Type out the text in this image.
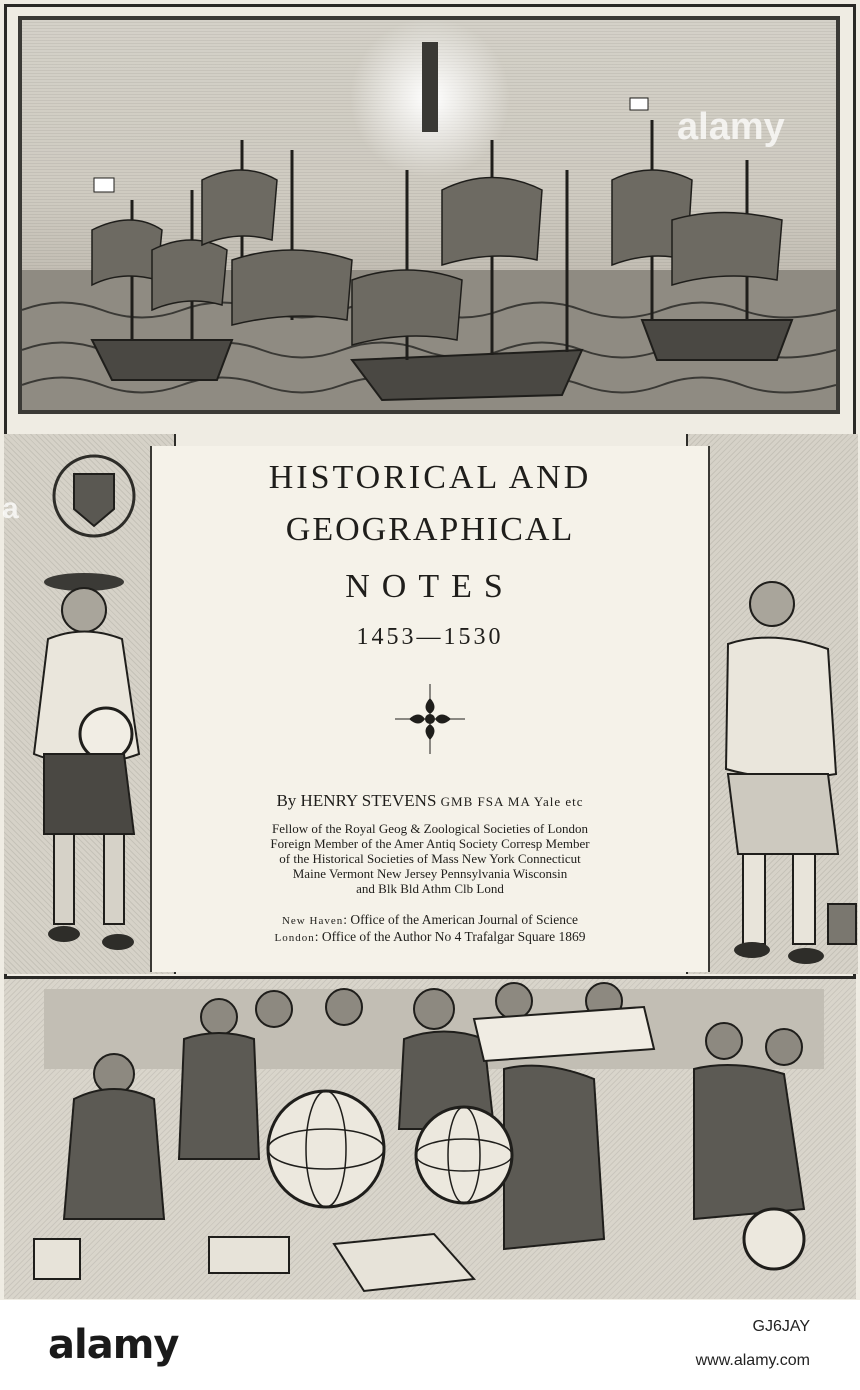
alamy
a
HISTORICAL AND
GEOGRAPHICAL
NOTES
1453—1530
By HENRY STEVENS GMB FSA MA Yale etc
Fellow of the Royal Geog & Zoological Societies of London
Foreign Member of the Amer Antiq Society Corresp Member
of the Historical Societies of Mass New York Connecticut
Maine Vermont New Jersey Pennsylvania Wisconsin
and Blk Bld Athm Clb Lond
New Haven: Office of the American Journal of Science
London: Office of the Author No 4 Trafalgar Square 1869
alamy	GJ6JAY
www.alamy.com
